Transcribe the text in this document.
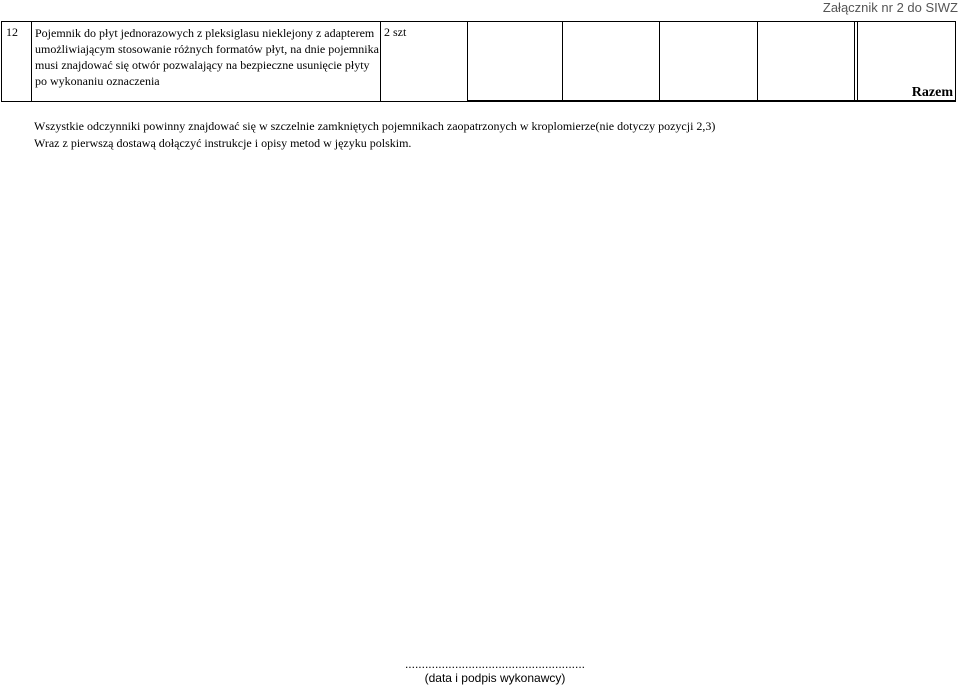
Załącznik nr 2 do SIWZ
12 Pojemnik do płyt jednorazowych z pleksiglasu nieklejony z adapterem umożliwiającym stosowanie różnych formatów płyt, na dnie pojemnika musi znajdować się otwór pozwalający na bezpieczne usunięcie płyty po wykonaniu oznaczenia
2 szt
Razem
Wszystkie odczynniki powinny znajdować się w szczelnie zamkniętych pojemnikach zaopatrzonych w kroplomierze(nie dotyczy pozycji 2,3)
Wraz z pierwszą dostawą dołączyć instrukcje i opisy metod w języku polskim.
......................................................
(data i podpis wykonawcy)
